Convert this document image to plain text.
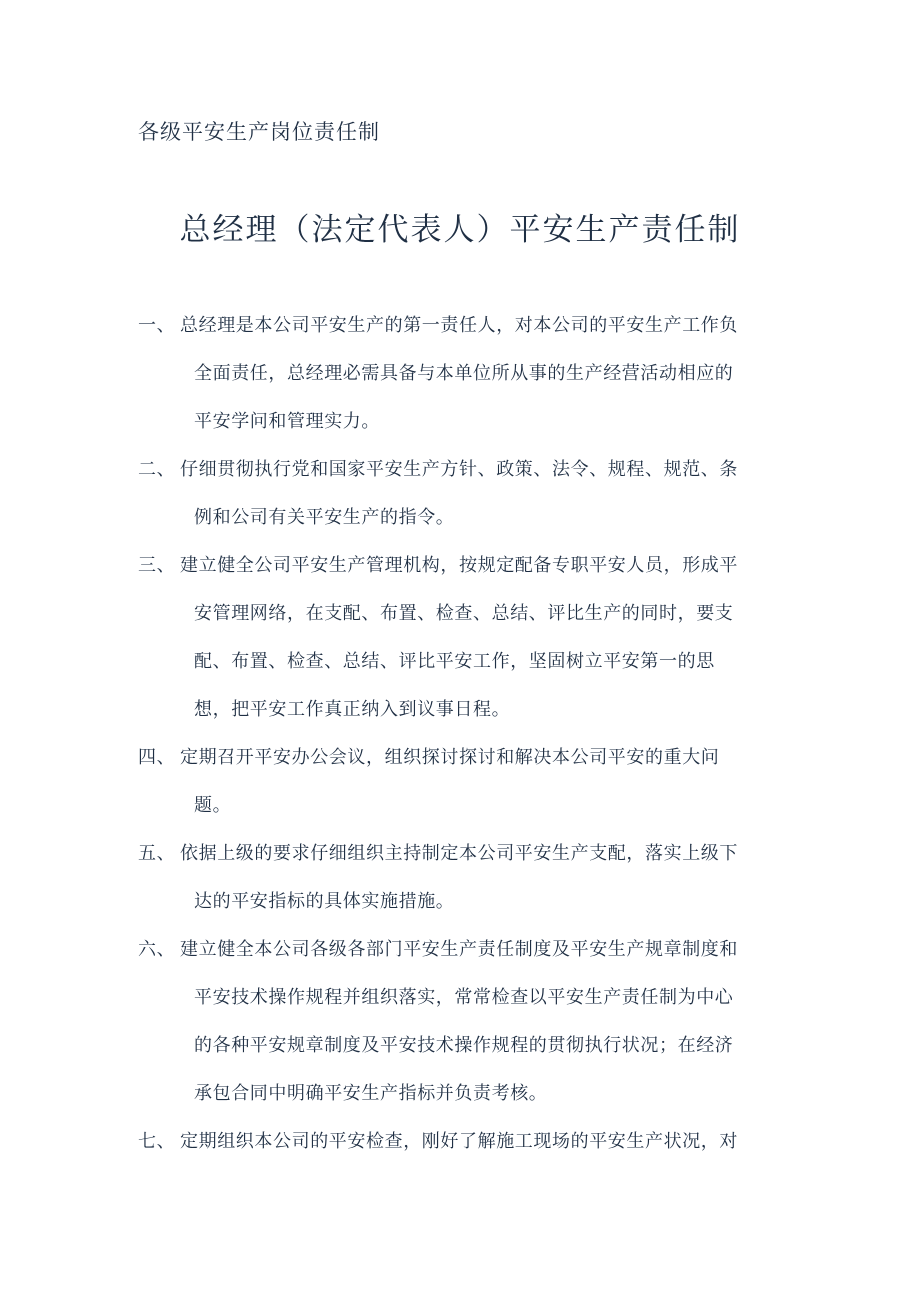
各级平安生产岗位责任制
总经理（法定代表人）平安生产责任制
一、 总经理是本公司平安生产的第一责任人，对本公司的平安生产工作负
全面责任，总经理必需具备与本单位所从事的生产经营活动相应的
平安学问和管理实力。
二、 仔细贯彻执行党和国家平安生产方针、政策、法令、规程、规范、条
例和公司有关平安生产的指令。
三、 建立健全公司平安生产管理机构，按规定配备专职平安人员，形成平
安管理网络，在支配、布置、检查、总结、评比生产的同时，要支
配、布置、检查、总结、评比平安工作，坚固树立平安第一的思
想，把平安工作真正纳入到议事日程。
四、 定期召开平安办公会议，组织探讨探讨和解决本公司平安的重大问
题。
五、 依据上级的要求仔细组织主持制定本公司平安生产支配，落实上级下
达的平安指标的具体实施措施。
六、 建立健全本公司各级各部门平安生产责任制度及平安生产规章制度和
平安技术操作规程并组织落实，常常检查以平安生产责任制为中心
的各种平安规章制度及平安技术操作规程的贯彻执行状况；在经济
承包合同中明确平安生产指标并负责考核。
七、 定期组织本公司的平安检查，刚好了解施工现场的平安生产状况，对
